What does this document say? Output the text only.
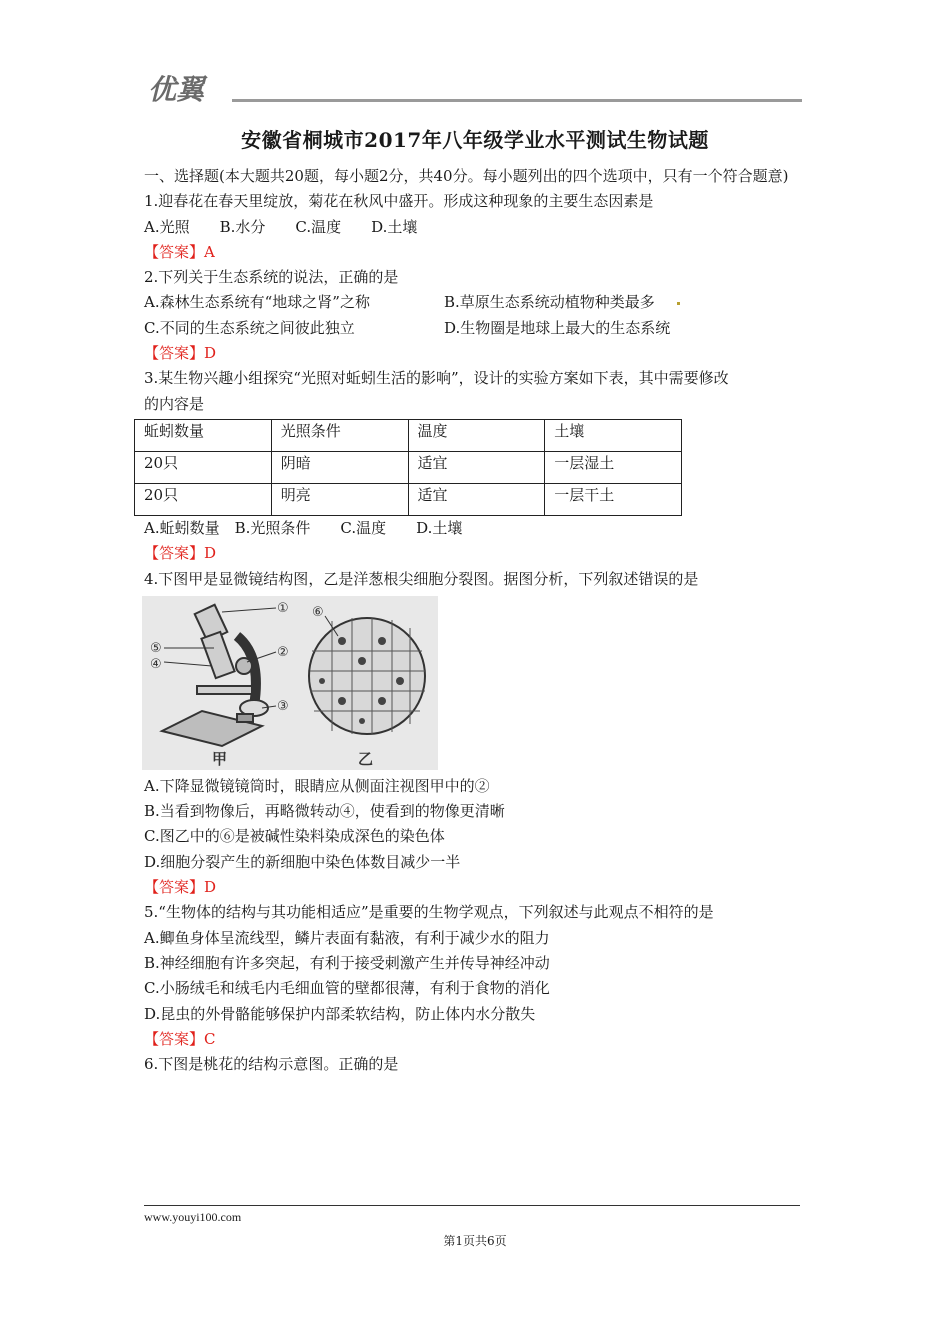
优翼
安徽省桐城市2017年八年级学业水平测试生物试题
一、选择题(本大题共20题，每小题2分，共40分。每小题列出的四个选项中，只有一个符合题意)
1.迎春花在春天里绽放，菊花在秋风中盛开。形成这种现象的主要生态因素是
A.光照　　B.水分　　C.温度　　D.土壤
【答案】A
2.下列关于生态系统的说法，正确的是
A.森林生态系统有“地球之肾”之称	B.草原生态系统动植物种类最多
C.不同的生态系统之间彼此独立	D.生物圈是地球上最大的生态系统
【答案】D
3.某生物兴趣小组探究“光照对蚯蚓生活的影响”，设计的实验方案如下表，其中需要修改
的内容是
蚯蚓数量	光照条件	温度	土壤
20只	阴暗	适宜	一层湿土
20只	明亮	适宜	一层干土
A.蚯蚓数量　B.光照条件　　C.温度　　D.土壤
【答案】D
4.下图甲是显微镜结构图，乙是洋葱根尖细胞分裂图。据图分析，下列叙述错误的是
①
②
③
⑤
④
⑥
甲	乙
A.下降显微镜镜筒时，眼睛应从侧面注视图甲中的②
B.当看到物像后，再略微转动④，使看到的物像更清晰
C.图乙中的⑥是被碱性染料染成深色的染色体
D.细胞分裂产生的新细胞中染色体数目减少一半
【答案】D
5.“生物体的结构与其功能相适应”是重要的生物学观点，下列叙述与此观点不相符的是
A.鲫鱼身体呈流线型，鳞片表面有黏液，有利于减少水的阻力
B.神经细胞有许多突起，有利于接受刺激产生并传导神经冲动
C.小肠绒毛和绒毛内毛细血管的壁都很薄，有利于食物的消化
D.昆虫的外骨骼能够保护内部柔软结构，防止体内水分散失
【答案】C
6.下图是桃花的结构示意图。正确的是
www.youyi100.com
第1页共6页
